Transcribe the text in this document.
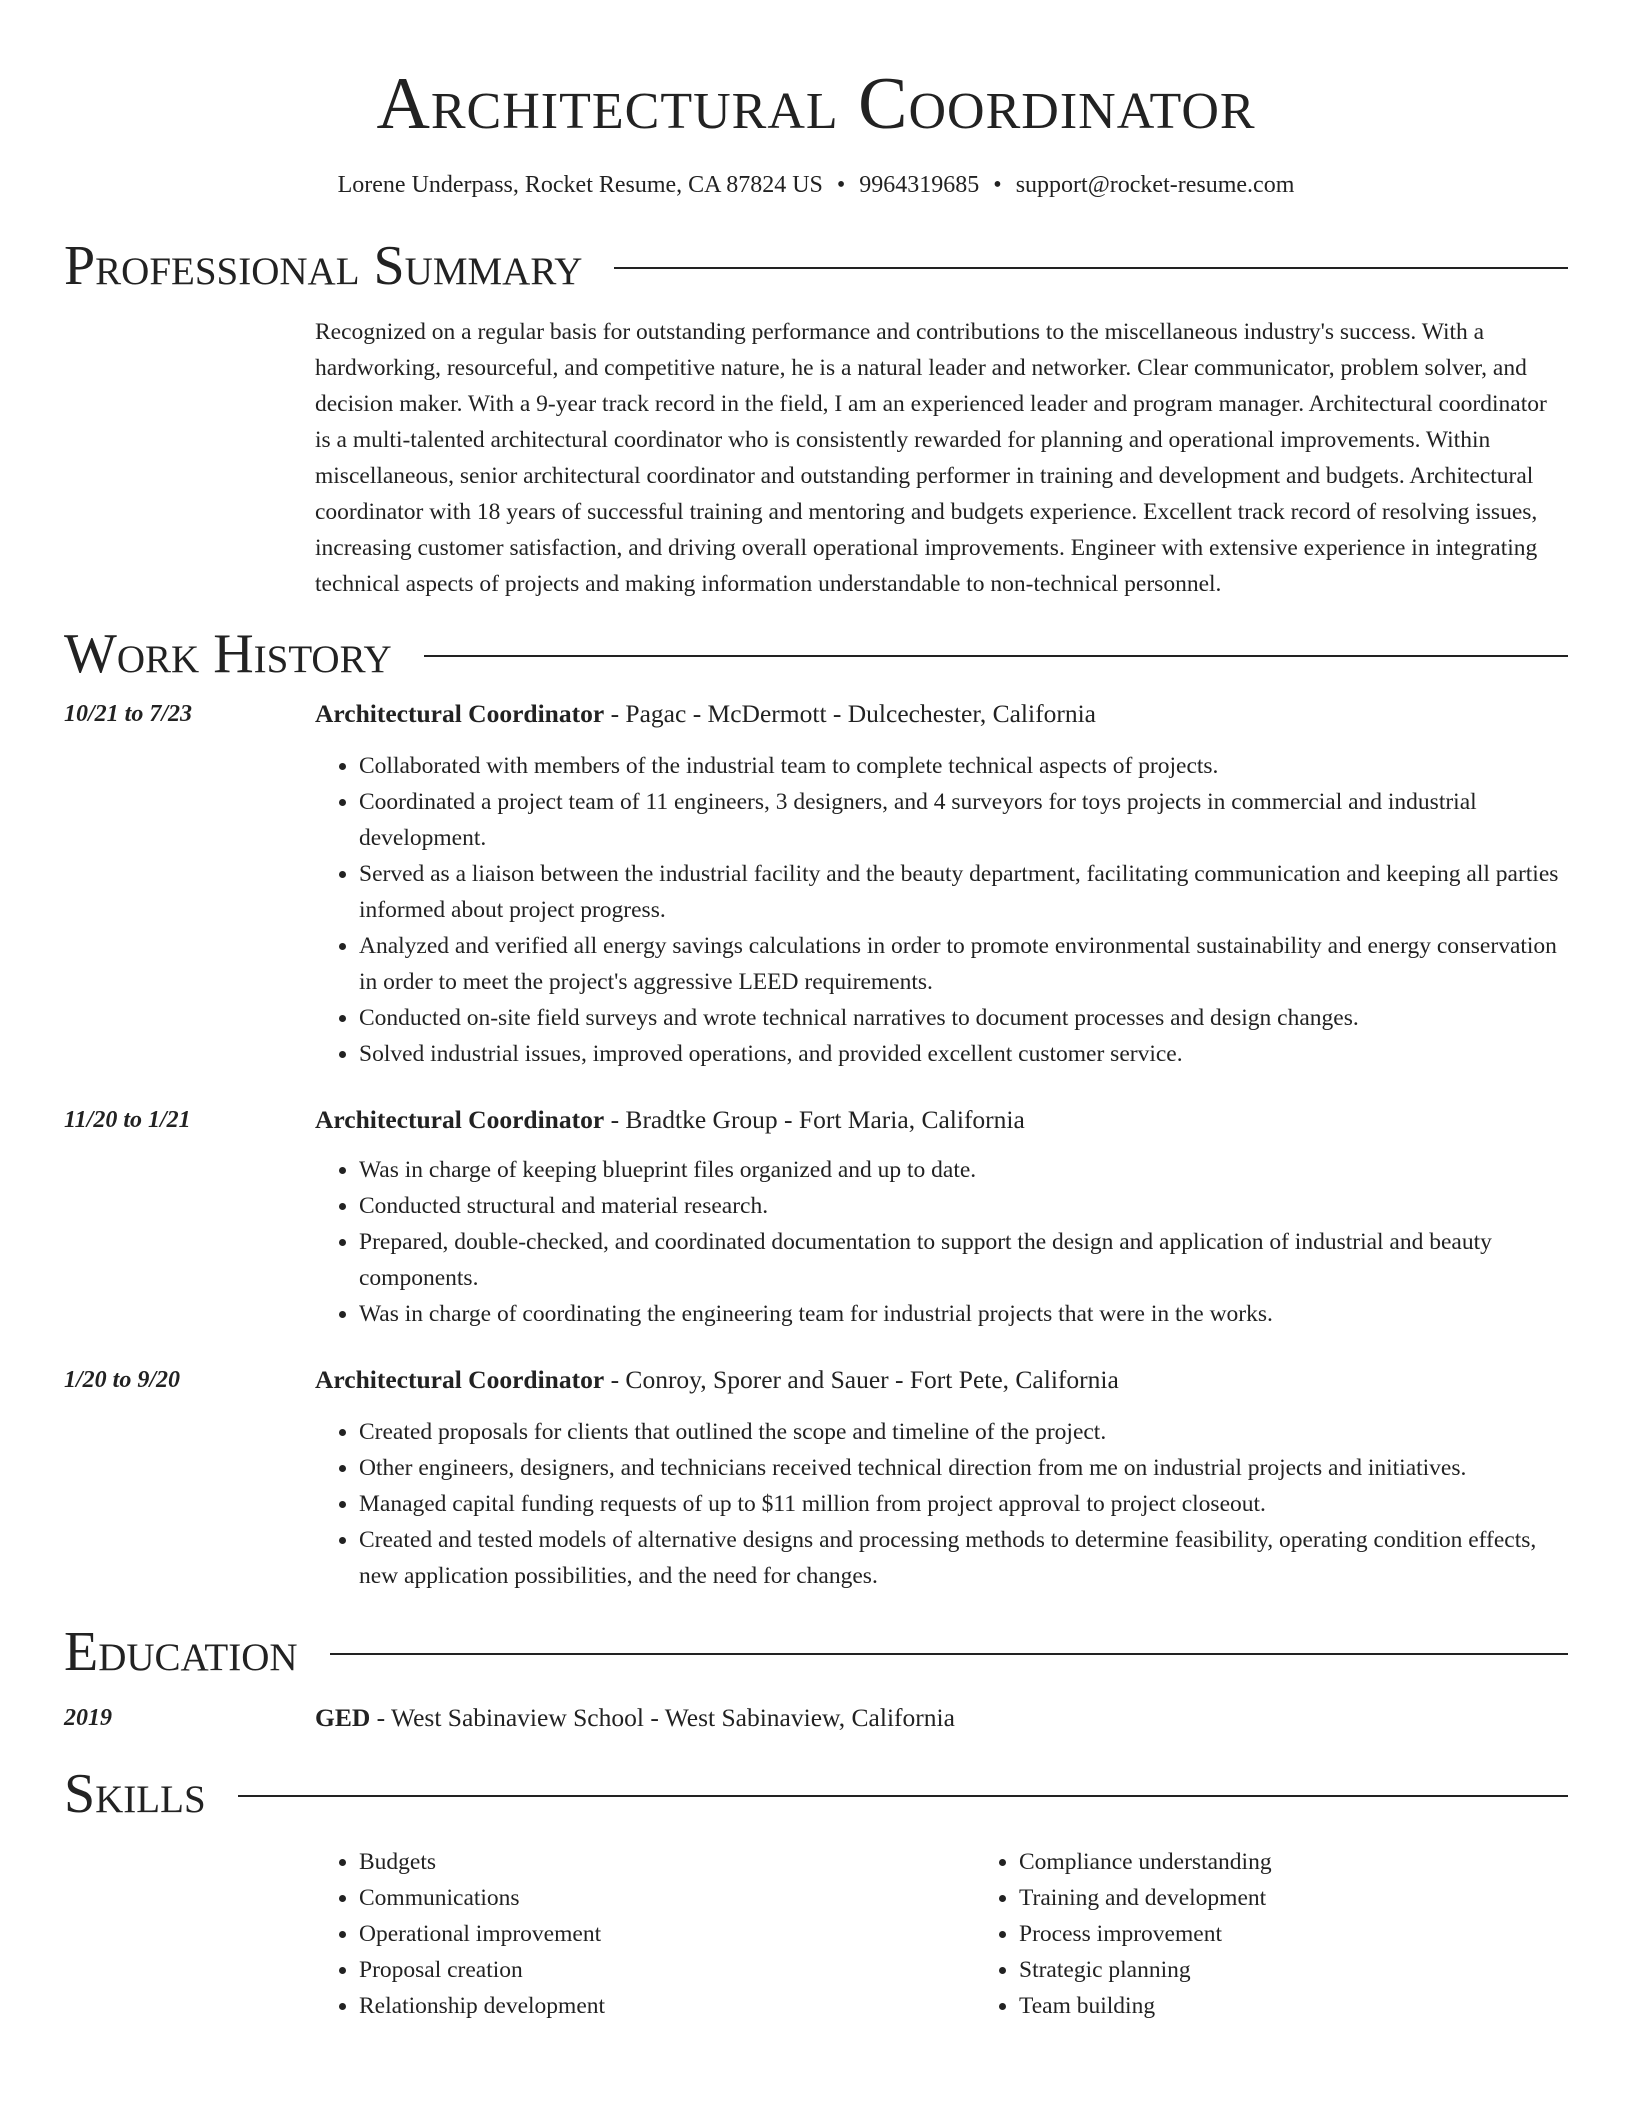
Architectural Coordinator
Lorene Underpass, Rocket Resume, CA 87824 US • 9964319685 • support@rocket-resume.com
Professional Summary
Recognized on a regular basis for outstanding performance and contributions to the miscellaneous industry's success. With a hardworking, resourceful, and competitive nature, he is a natural leader and networker. Clear communicator, problem solver, and decision maker. With a 9-year track record in the field, I am an experienced leader and program manager. Architectural coordinator is a multi-talented architectural coordinator who is consistently rewarded for planning and operational improvements. Within miscellaneous, senior architectural coordinator and outstanding performer in training and development and budgets. Architectural coordinator with 18 years of successful training and mentoring and budgets experience. Excellent track record of resolving issues, increasing customer satisfaction, and driving overall operational improvements. Engineer with extensive experience in integrating technical aspects of projects and making information understandable to non-technical personnel.
Work History
10/21 to 7/23	Architectural Coordinator - Pagac - McDermott - Dulcechester, California
• Collaborated with members of the industrial team to complete technical aspects of projects.
• Coordinated a project team of 11 engineers, 3 designers, and 4 surveyors for toys projects in commercial and industrial development.
• Served as a liaison between the industrial facility and the beauty department, facilitating communication and keeping all parties informed about project progress.
• Analyzed and verified all energy savings calculations in order to promote environmental sustainability and energy conservation in order to meet the project's aggressive LEED requirements.
• Conducted on-site field surveys and wrote technical narratives to document processes and design changes.
• Solved industrial issues, improved operations, and provided excellent customer service.
11/20 to 1/21	Architectural Coordinator - Bradtke Group - Fort Maria, California
• Was in charge of keeping blueprint files organized and up to date.
• Conducted structural and material research.
• Prepared, double-checked, and coordinated documentation to support the design and application of industrial and beauty components.
• Was in charge of coordinating the engineering team for industrial projects that were in the works.
1/20 to 9/20	Architectural Coordinator - Conroy, Sporer and Sauer - Fort Pete, California
• Created proposals for clients that outlined the scope and timeline of the project.
• Other engineers, designers, and technicians received technical direction from me on industrial projects and initiatives.
• Managed capital funding requests of up to $11 million from project approval to project closeout.
• Created and tested models of alternative designs and processing methods to determine feasibility, operating condition effects, new application possibilities, and the need for changes.
Education
2019	GED - West Sabinaview School - West Sabinaview, California
Skills
• Budgets
• Communications
• Operational improvement
• Proposal creation
• Relationship development
• Compliance understanding
• Training and development
• Process improvement
• Strategic planning
• Team building
